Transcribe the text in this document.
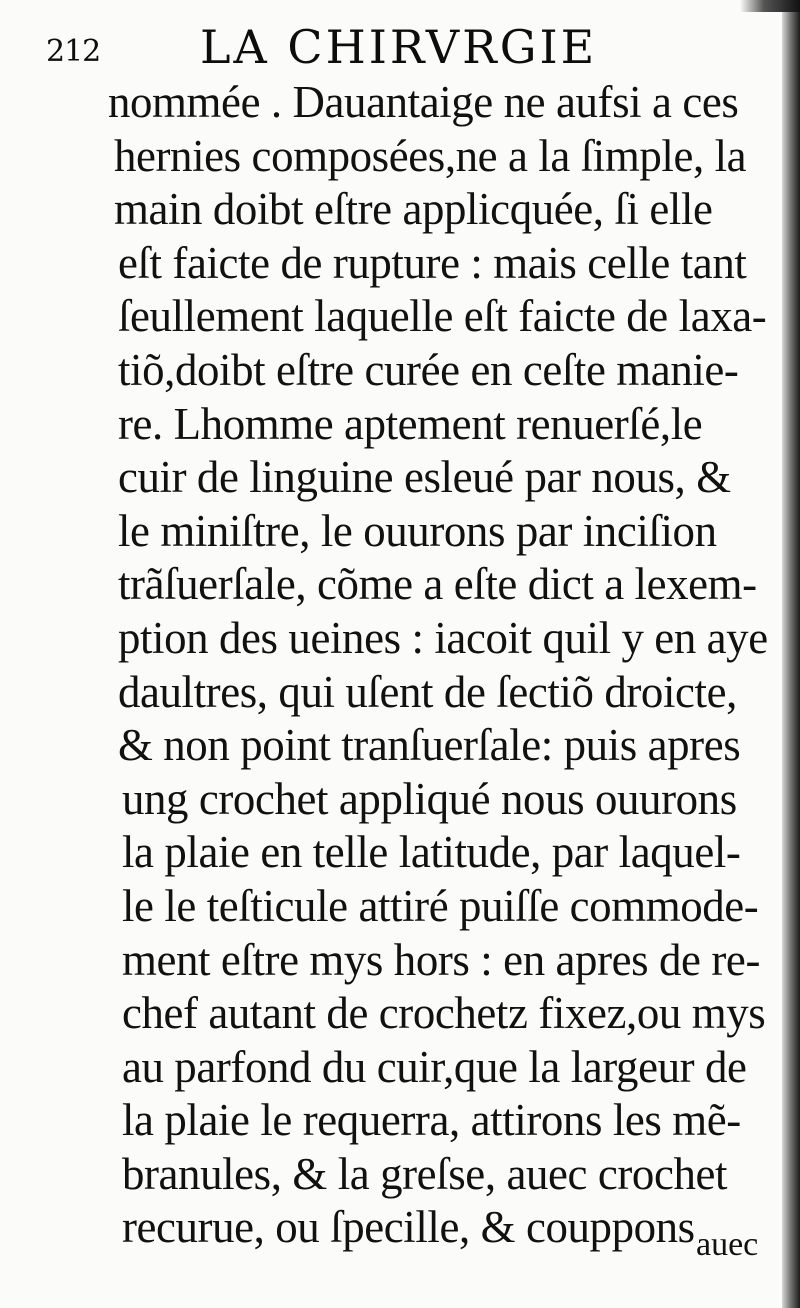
212 LA CHIRVRGIE
nommée . Dauantaige ne aufsi a ces
hernies composées,ne a la ſimple, la
main doibt eſtre applicquée, ſi elle
eſt faicte de rupture : mais celle tant
ſeullement laquelle eſt faicte de laxa-
tiõ,doibt eſtre curée en ceſte manie-
re. Lhomme aptement renuerſé,le
cuir de linguine esleué par nous, &
le miniſtre, le ouurons par inciſion
trãſuerſale, cõme a eſte dict a lexem-
ption des ueines : iacoit quil y en aye
daultres, qui uſent de ſectiõ droicte,
& non point tranſuerſale: puis apres
ung crochet appliqué nous ouurons
la plaie en telle latitude, par laquel-
le le teſticule attiré puiſſe commode-
ment eſtre mys hors : en apres de re-
chef autant de crochetz fixez,ou mys
au parfond du cuir,que la largeur de
la plaie le requerra, attirons les mẽ-
branules, & la greſse, auec crochet
recurue, ou ſpecille, & couppons auec
